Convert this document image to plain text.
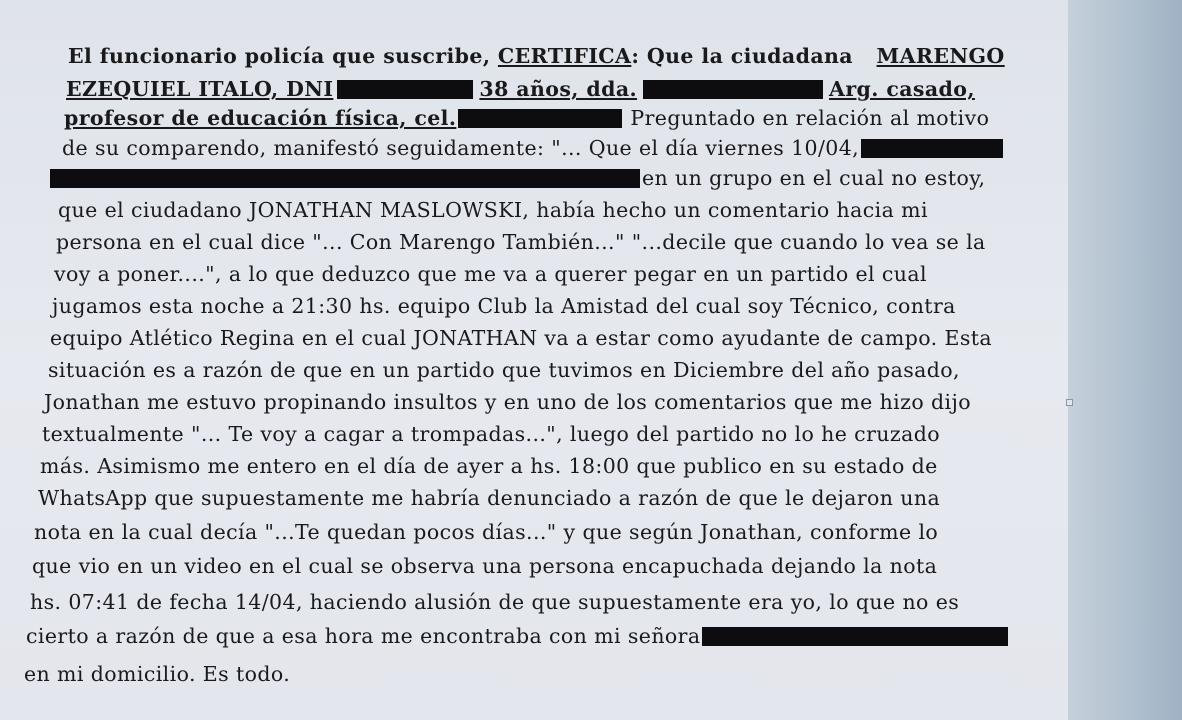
El funcionario policía que suscribe, CERTIFICA: Que la ciudadana MARENGO
EZEQUIEL ITALO, DNI	38 años, dda.	Arg. casado,
profesor de educación física, cel.	Preguntado en relación al motivo
de su comparendo, manifestó seguidamente: "... Que el día viernes 10/04,
en un grupo en el cual no estoy,
que el ciudadano JONATHAN MASLOWSKI, había hecho un comentario hacia mi
persona en el cual dice "... Con Marengo También..." "...decile que cuando lo vea se la
voy a poner....", a lo que deduzco que me va a querer pegar en un partido el cual
jugamos esta noche a 21:30 hs. equipo Club la Amistad del cual soy Técnico, contra
equipo Atlético Regina en el cual JONATHAN va a estar como ayudante de campo. Esta
situación es a razón de que en un partido que tuvimos en Diciembre del año pasado,
Jonathan me estuvo propinando insultos y en uno de los comentarios que me hizo dijo
textualmente "... Te voy a cagar a trompadas...", luego del partido no lo he cruzado
más. Asimismo me entero en el día de ayer a hs. 18:00 que publico en su estado de
WhatsApp que supuestamente me habría denunciado a razón de que le dejaron una
nota en la cual decía "...Te quedan pocos días..." y que según Jonathan, conforme lo
que vio en un video en el cual se observa una persona encapuchada dejando la nota
hs. 07:41 de fecha 14/04, haciendo alusión de que supuestamente era yo, lo que no es
cierto a razón de que a esa hora me encontraba con mi señora
en mi domicilio. Es todo.
